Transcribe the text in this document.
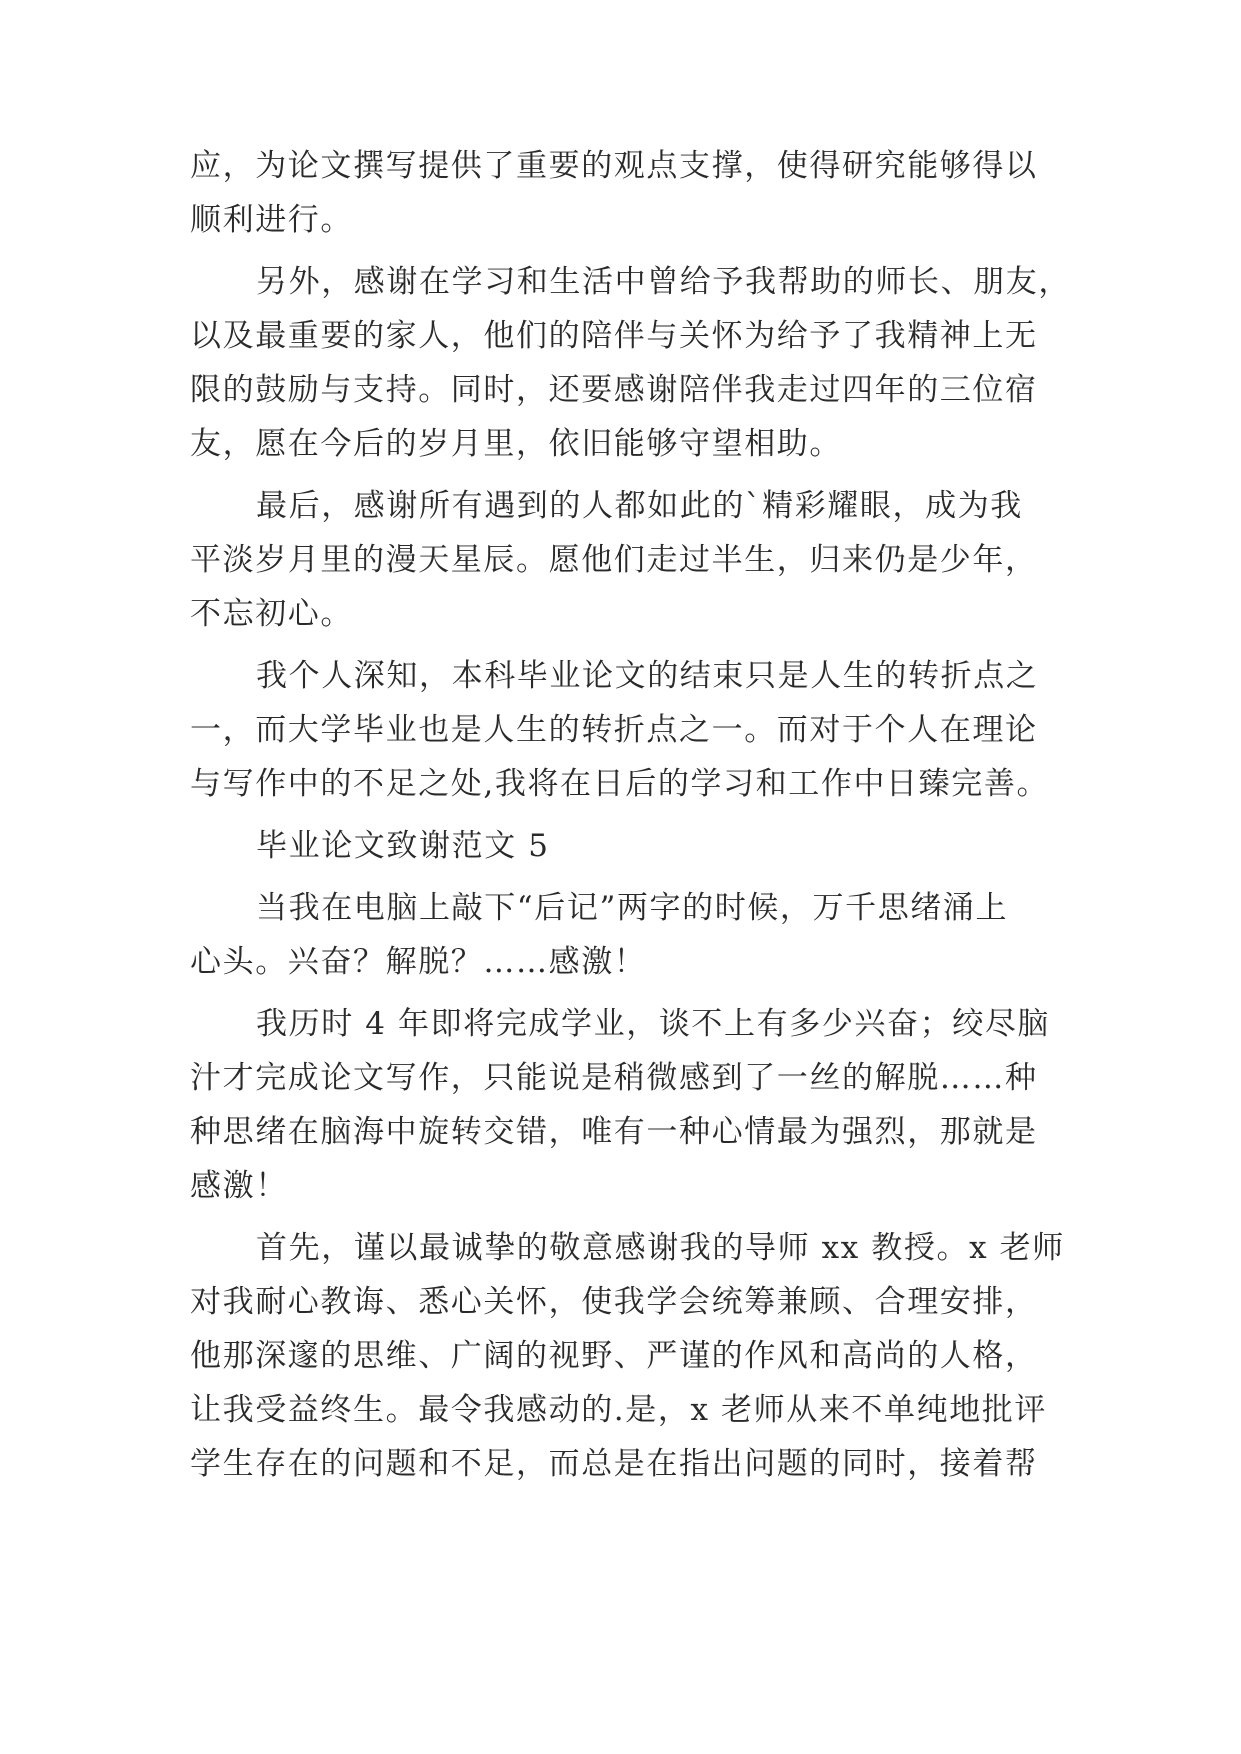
应，为论文撰写提供了重要的观点支撑，使得研究能够得以
顺利进行。
另外，感谢在学习和生活中曾给予我帮助的师长、朋友，
以及最重要的家人，他们的陪伴与关怀为给予了我精神上无
限的鼓励与支持。同时，还要感谢陪伴我走过四年的三位宿
友，愿在今后的岁月里，依旧能够守望相助。
最后，感谢所有遇到的人都如此的`精彩耀眼，成为我
平淡岁月里的漫天星辰。愿他们走过半生，归来仍是少年，
不忘初心。
我个人深知，本科毕业论文的结束只是人生的转折点之
一，而大学毕业也是人生的转折点之一。而对于个人在理论
与写作中的不足之处,我将在日后的学习和工作中日臻完善。
毕业论文致谢范文 5
当我在电脑上敲下“后记”两字的时候，万千思绪涌上
心头。兴奋？解脱？……感激！
我历时 4 年即将完成学业，谈不上有多少兴奋；绞尽脑
汁才完成论文写作，只能说是稍微感到了一丝的解脱……种
种思绪在脑海中旋转交错，唯有一种心情最为强烈，那就是
感激！
首先，谨以最诚挚的敬意感谢我的导师 xx 教授。x 老师
对我耐心教诲、悉心关怀，使我学会统筹兼顾、合理安排，
他那深邃的思维、广阔的视野、严谨的作风和高尚的人格，
让我受益终生。最令我感动的.是，x 老师从来不单纯地批评
学生存在的问题和不足，而总是在指出问题的同时，接着帮
